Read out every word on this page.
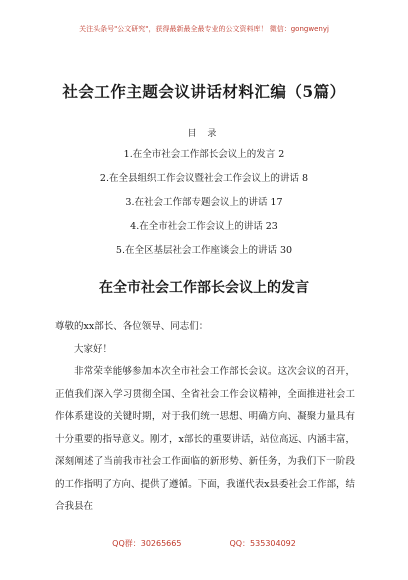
关注头条号"公文研究"，获得最新最全最专业的公文资料库！ 微信：gongwenyj
社会工作主题会议讲话材料汇编（5篇）
目 录
1.在全市社会工作部长会议上的发言 2
2.在全县组织工作会议暨社会工作会议上的讲话 8
3.在社会工作部专题会议上的讲话 17
4.在全市社会工作会议上的讲话 23
5.在全区基层社会工作座谈会上的讲话 30
在全市社会工作部长会议上的发言

尊敬的xx部长、各位领导、同志们：

大家好！

非常荣幸能够参加本次全市社会工作部长会议。这次会议的召开，正值我们深入学习贯彻全国、全省社会工作会议精神，全面推进社会工作体系建设的关键时期，对于我们统一思想、明确方向、凝聚力量具有十分重要的指导意义。刚才，x部长的重要讲话，站位高远、内涵丰富，深刻阐述了当前我市社会工作面临的新形势、新任务，为我们下一阶段的工作指明了方向、提供了遵循。下面，我谨代表x县委社会工作部，结合我县在

QQ群：30265665	QQ：535304092
